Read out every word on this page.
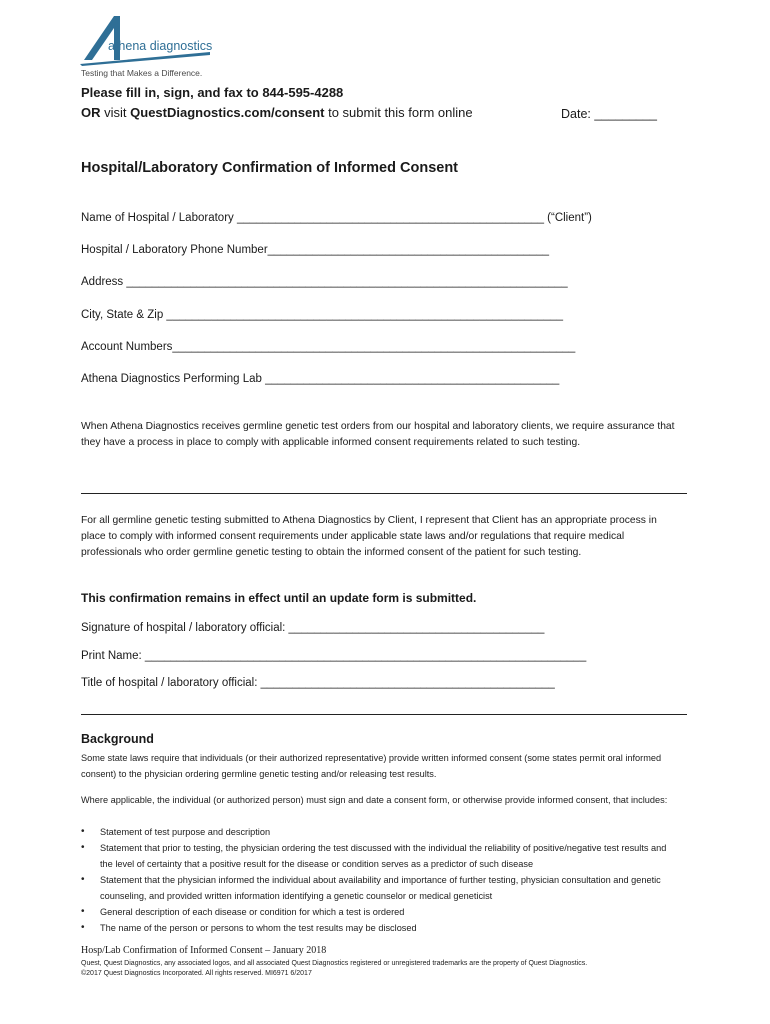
athena diagnostics
Testing that Makes a Difference.
Please fill in, sign, and fax to 844-595-4288
OR visit QuestDiagnostics.com/consent to submit this form online	Date: _________
Hospital/Laboratory Confirmation of Informed Consent
Name of Hospital / Laboratory ________________________________________________ (“Client”)
Hospital / Laboratory Phone Number____________________________________________
Address _____________________________________________________________________
City, State & Zip ______________________________________________________________
Account Numbers_______________________________________________________________
Athena Diagnostics Performing Lab ______________________________________________
When Athena Diagnostics receives germline genetic test orders from our hospital and laboratory clients, we require assurance that they have a process in place to comply with applicable informed consent requirements related to such testing.
For all germline genetic testing submitted to Athena Diagnostics by Client, I represent that Client has an appropriate process in place to comply with informed consent requirements under applicable state laws and/or regulations that require medical professionals who order germline genetic testing to obtain the informed consent of the patient for such testing.
This confirmation remains in effect until an update form is submitted.
Signature of hospital / laboratory official: ________________________________________
Print Name: _____________________________________________________________________
Title of hospital / laboratory official: ______________________________________________
Background
Some state laws require that individuals (or their authorized representative) provide written informed consent (some states permit oral informed consent) to the physician ordering germline genetic testing and/or releasing test results.
Where applicable, the individual (or authorized person) must sign and date a consent form, or otherwise provide informed consent, that includes:
• Statement of test purpose and description
• Statement that prior to testing, the physician ordering the test discussed with the individual the reliability of positive/negative test results and the level of certainty that a positive result for the disease or condition serves as a predictor of such disease
• Statement that the physician informed the individual about availability and importance of further testing, physician consultation and genetic counseling, and provided written information identifying a genetic counselor or medical geneticist
• General description of each disease or condition for which a test is ordered
• The name of the person or persons to whom the test results may be disclosed
Hosp/Lab Confirmation of Informed Consent – January 2018
Quest, Quest Diagnostics, any associated logos, and all associated Quest Diagnostics registered or unregistered trademarks are the property of Quest Diagnostics. ©2017 Quest Diagnostics Incorporated. All rights reserved. MI6971 6/2017
